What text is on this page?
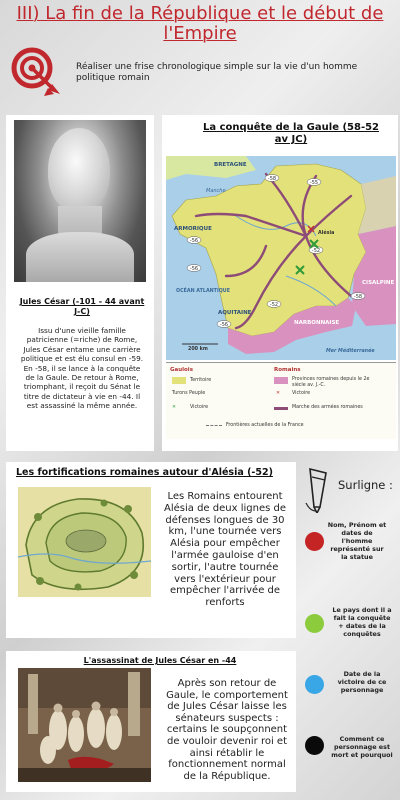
III) La fin de la République et le début de l'Empire
Réaliser une frise chronologique simple sur la vie d'un homme politique romain
Jules César (-101 - 44 avant J-C)
Issu d'une vieille famille patricienne (=riche) de Rome, Jules César entame une carrière politique et est élu consul en -59. En -58, il se lance à la conquête de la Gaule. De retour à Rome, triomphant, il reçoit du Sénat le titre de dictateur à vie en -44. Il est assassiné la même année.
La conquête de la Gaule (58-52 av JC)
-58
-55
-56
-56
-52
-56
-58
-52
BRETAGNE
Manche
ARMORIQUE
OCÉAN ATLANTIQUE
AQUITAINE
NARBONNAISE
CISALPINE
Mer Méditerranée
200 km
Alésia
Gaulois	Romains
Territoire
Turons Peuple
✕	Victoire
Provinces romaines depuis le 2e siècle av. J.-C.
✕ Victoire
Marche des armées romaines
Frontières actuelles de la France
Les fortifications romaines autour d'Alésia (-52)
Les Romains entourent Alésia de deux lignes de défenses longues de 30 km, l'une tournée vers Alésia pour empêcher l'armée gauloise d'en sortir, l'autre tournée vers l'extérieur pour empêcher l'arrivée de renforts
L'assassinat de Jules César en -44
Après son retour de Gaule, le comportement de Jules César laisse les sénateurs suspects : certains le soupçonnent de vouloir devenir roi et ainsi rétablir le fonctionnement normal de la République.
Surligne :
Nom, Prénom et dates de l'homme représenté sur la statue
Le pays dont il a fait la conquête + dates de la conquêtes
Date de la victoire de ce personnage
Comment ce personnage est mort et pourquoi
